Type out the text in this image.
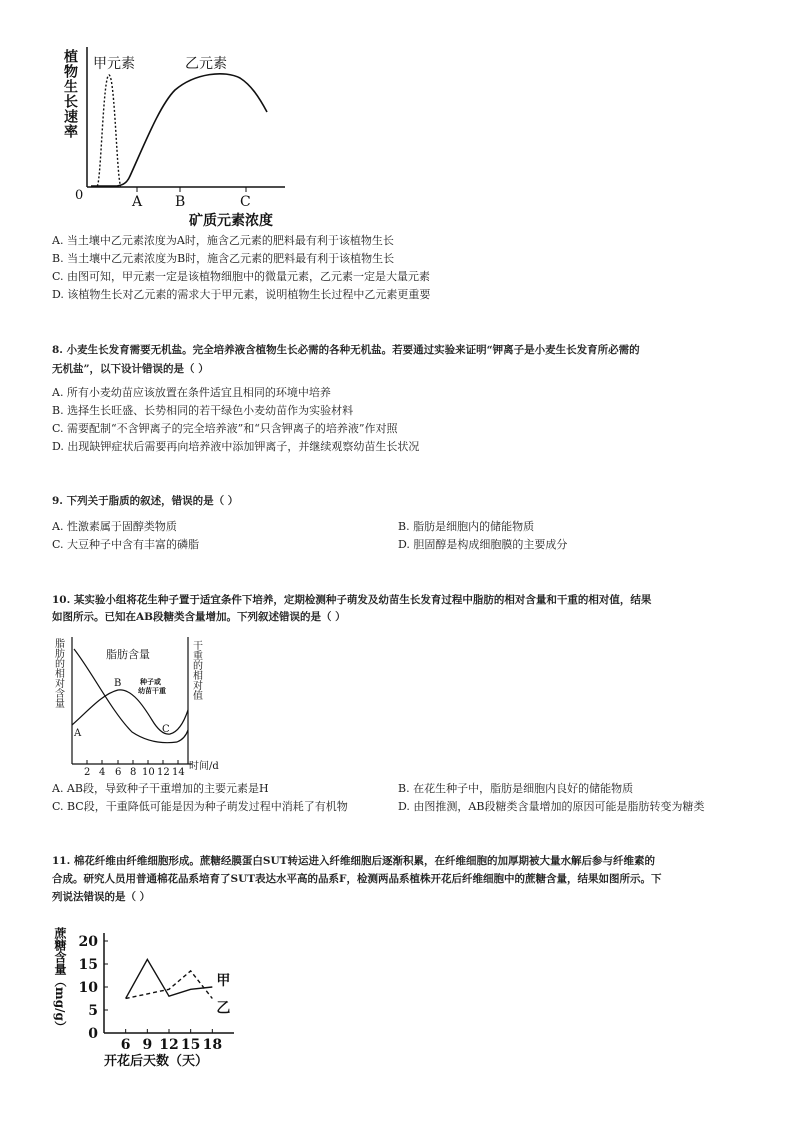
植物生长速率
0	A B	C
矿质元素浓度
甲元素	乙元素
A. 当土壤中乙元素浓度为A时，施含乙元素的肥料最有利于该植物生长
B. 当土壤中乙元素浓度为B时，施含乙元素的肥料最有利于该植物生长
C. 由图可知，甲元素一定是该植物细胞中的微量元素，乙元素一定是大量元素
D. 该植物生长对乙元素的需求大于甲元素，说明植物生长过程中乙元素更重要
8. 小麦生长发育需要无机盐。完全培养液含植物生长必需的各种无机盐。若要通过实验来证明“钾离子是小麦生长发育所必需的
无机盐”，以下设计错误的是（ ）
A. 所有小麦幼苗应该放置在条件适宜且相同的环境中培养
B. 选择生长旺盛、长势相同的若干绿色小麦幼苗作为实验材料
C. 需要配制“不含钾离子的完全培养液”和“只含钾离子的培养液”作对照
D. 出现缺钾症状后需要再向培养液中添加钾离子，并继续观察幼苗生长状况
9. 下列关于脂质的叙述，错误的是（ ）
A. 性激素属于固醇类物质	B. 脂肪是细胞内的储能物质
C. 大豆种子中含有丰富的磷脂	D. 胆固醇是构成细胞膜的主要成分
10. 某实验小组将花生种子置于适宜条件下培养，定期检测种子萌发及幼苗生长发育过程中脂肪的相对含量和干重的相对值，结果
如图所示。已知在AB段糖类含量增加。下列叙述错误的是（ ）
脂肪的相对含量	干重的相对值
2 4 6 8 10 12 14
时间/d
脂肪含量
种子或
幼苗干重
A
B
C
A. AB段，导致种子干重增加的主要元素是H	B. 在花生种子中，脂肪是细胞内良好的储能物质
C. BC段，干重降低可能是因为种子萌发过程中消耗了有机物	D. 由图推测，AB段糖类含量增加的原因可能是脂肪转变为糖类
11. 棉花纤维由纤维细胞形成。蔗糖经膜蛋白SUT转运进入纤维细胞后逐渐积累，在纤维细胞的加厚期被大量水解后参与纤维素的
合成。研究人员用普通棉花品系培育了SUT表达水平高的品系F，检测两品系植株开花后纤维细胞中的蔗糖含量，结果如图所示。下
列说法错误的是（ ）
蔗糖含量（mg/g）
0
5
10
15
20
6 9 12 15 18
甲
乙
开花后天数（天）
